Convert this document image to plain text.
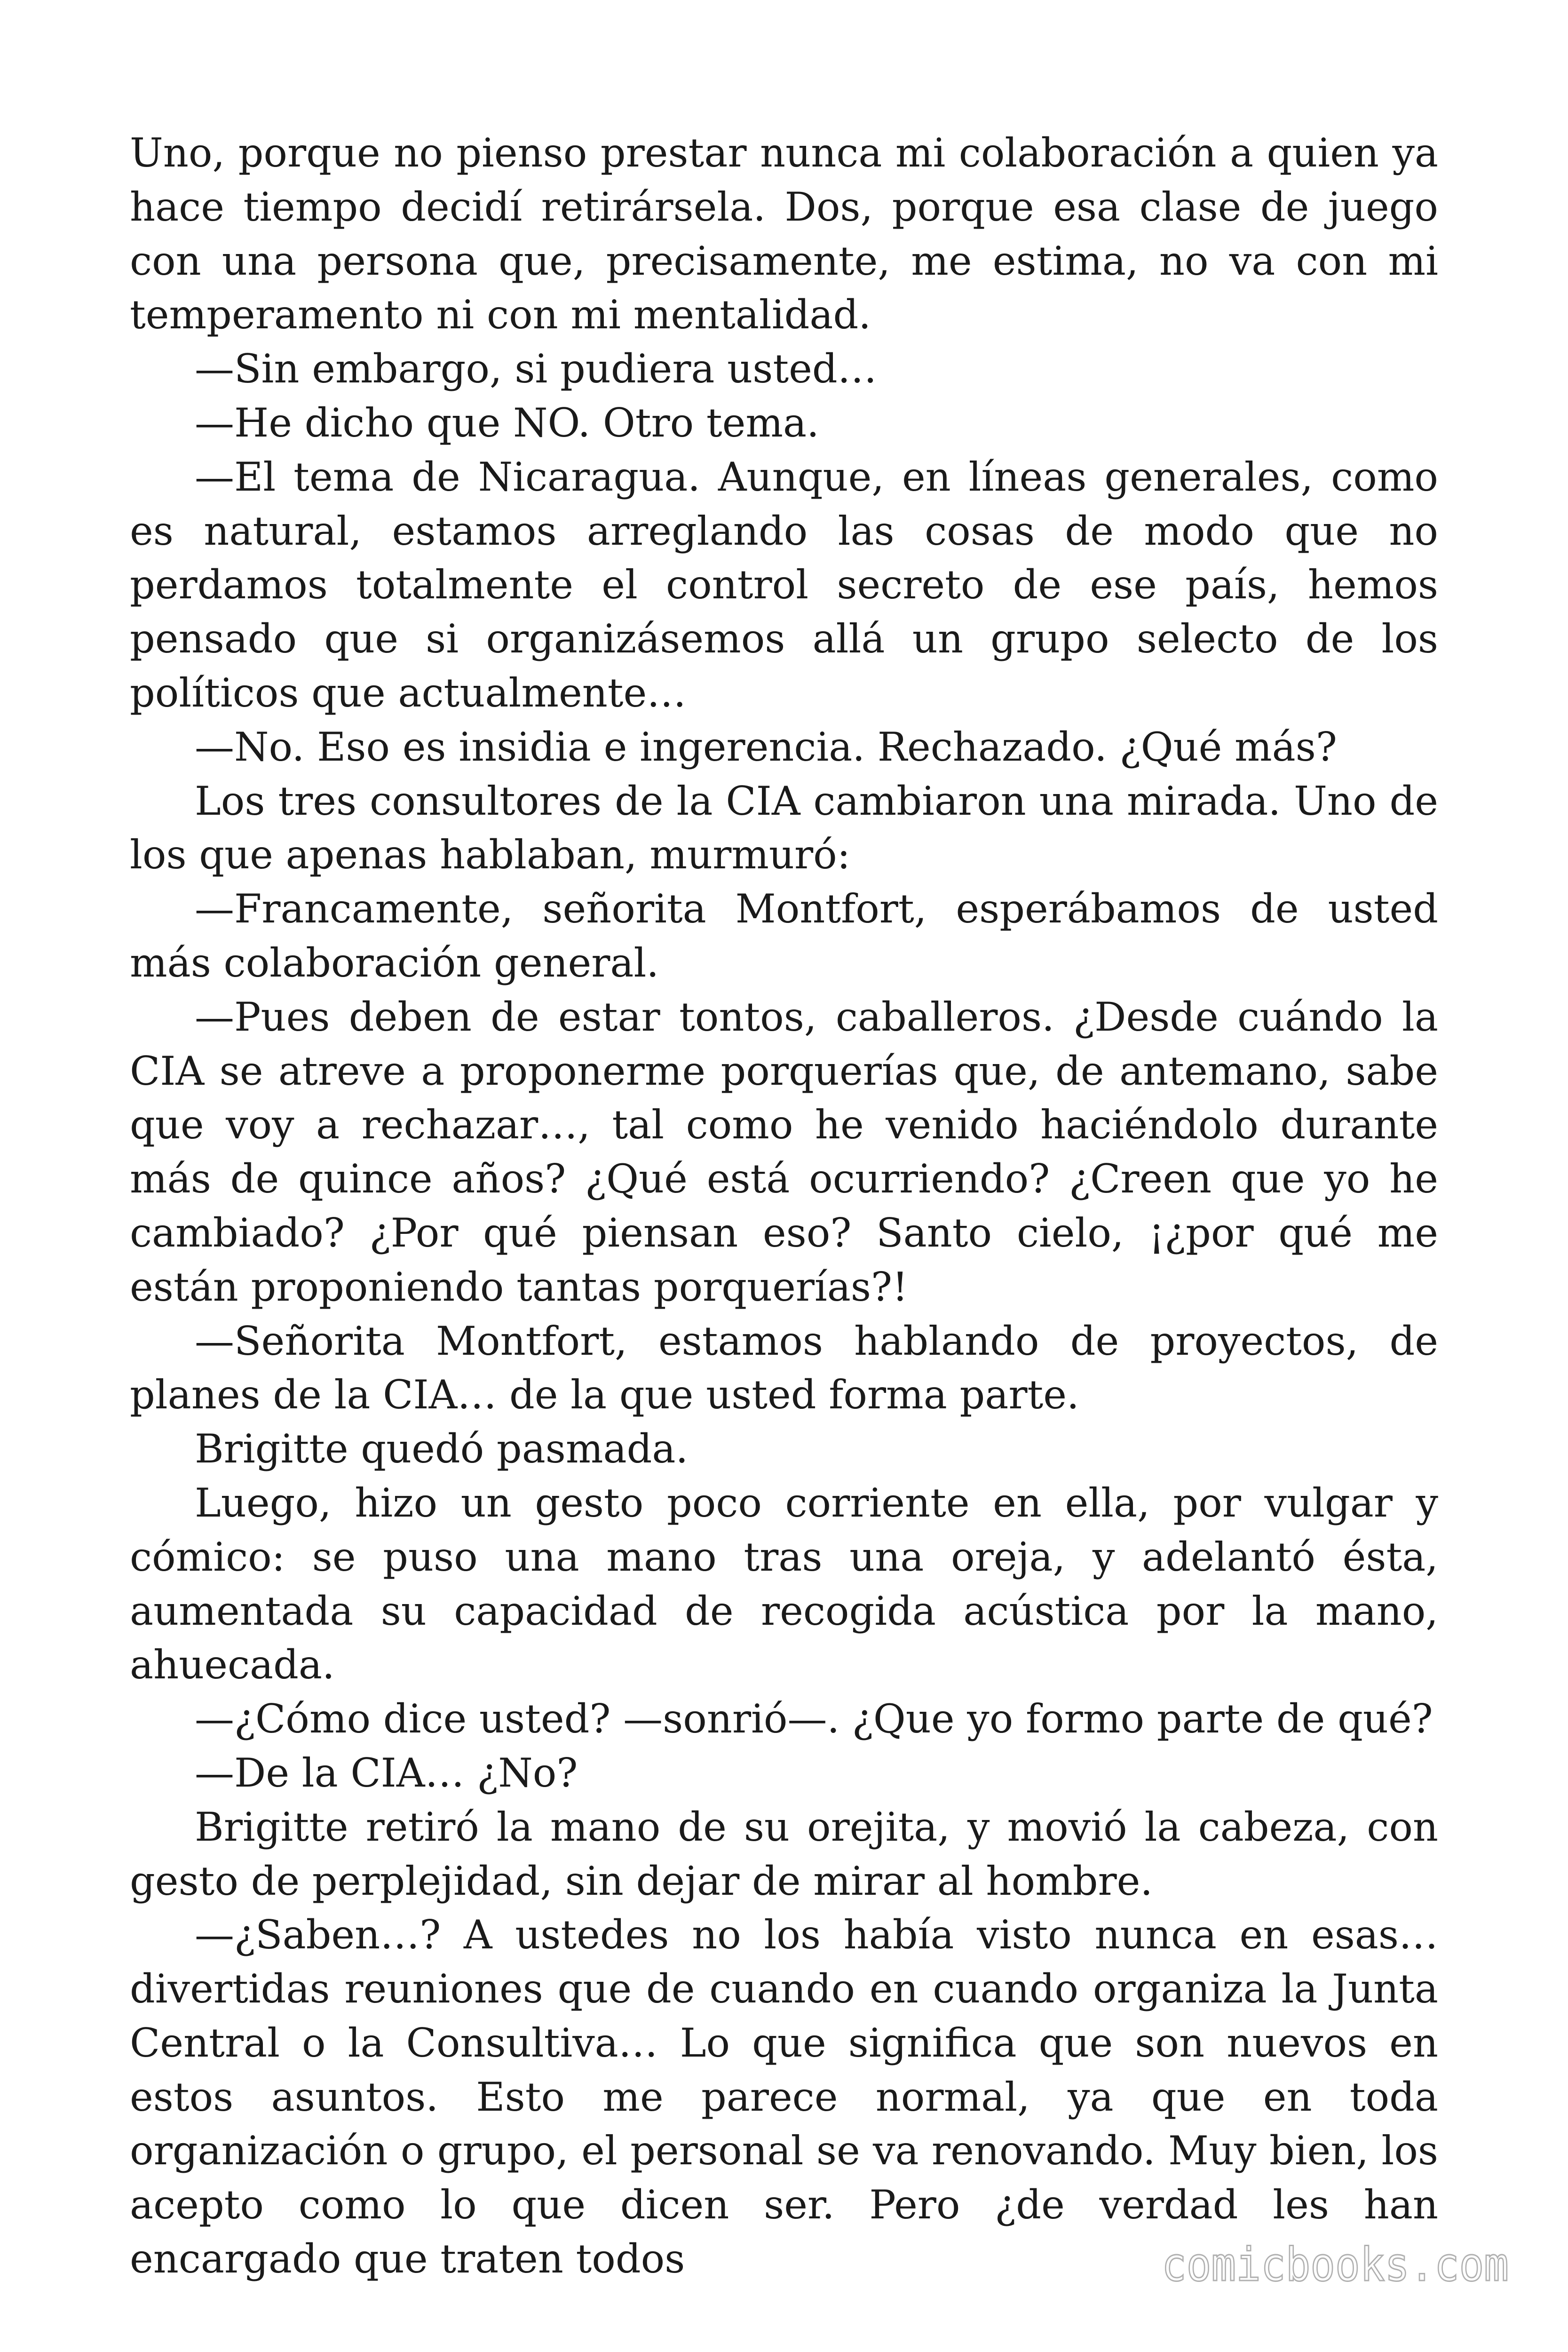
Uno, porque no pienso prestar nunca mi colaboración a quien ya hace tiempo decidí retirársela. Dos, porque esa clase de juego con una persona que, precisamente, me estima, no va con mi temperamento ni con mi mentalidad.

—Sin embargo, si pudiera usted…

—He dicho que NO. Otro tema.

—El tema de Nicaragua. Aunque, en líneas generales, como es natural, estamos arreglando las cosas de modo que no perdamos totalmente el control secreto de ese país, hemos pensado que si organizásemos allá un grupo selecto de los políticos que actualmente…

—No. Eso es insidia e ingerencia. Rechazado. ¿Qué más?

Los tres consultores de la CIA cambiaron una mirada. Uno de los que apenas hablaban, murmuró:

—Francamente, señorita Montfort, esperábamos de usted más colaboración general.

—Pues deben de estar tontos, caballeros. ¿Desde cuándo la CIA se atreve a proponerme porquerías que, de antemano, sabe que voy a rechazar…, tal como he venido haciéndolo durante más de quince años? ¿Qué está ocurriendo? ¿Creen que yo he cambiado? ¿Por qué piensan eso? Santo cielo, ¡¿por qué me están proponiendo tantas porquerías?!

—Señorita Montfort, estamos hablando de proyectos, de planes de la CIA… de la que usted forma parte.

Brigitte quedó pasmada.

Luego, hizo un gesto poco corriente en ella, por vulgar y cómico: se puso una mano tras una oreja, y adelantó ésta, aumentada su capacidad de recogida acústica por la mano, ahuecada.

—¿Cómo dice usted? —sonrió—. ¿Que yo formo parte de qué?

—De la CIA… ¿No?

Brigitte retiró la mano de su orejita, y movió la cabeza, con gesto de perplejidad, sin dejar de mirar al hombre.

—¿Saben…? A ustedes no los había visto nunca en esas… divertidas reuniones que de cuando en cuando organiza la Junta Central o la Consultiva… Lo que significa que son nuevos en estos asuntos. Esto me parece normal, ya que en toda organización o grupo, el personal se va renovando. Muy bien, los acepto como lo que dicen ser. Pero ¿de verdad les han encargado que traten todos	comicbooks.com
